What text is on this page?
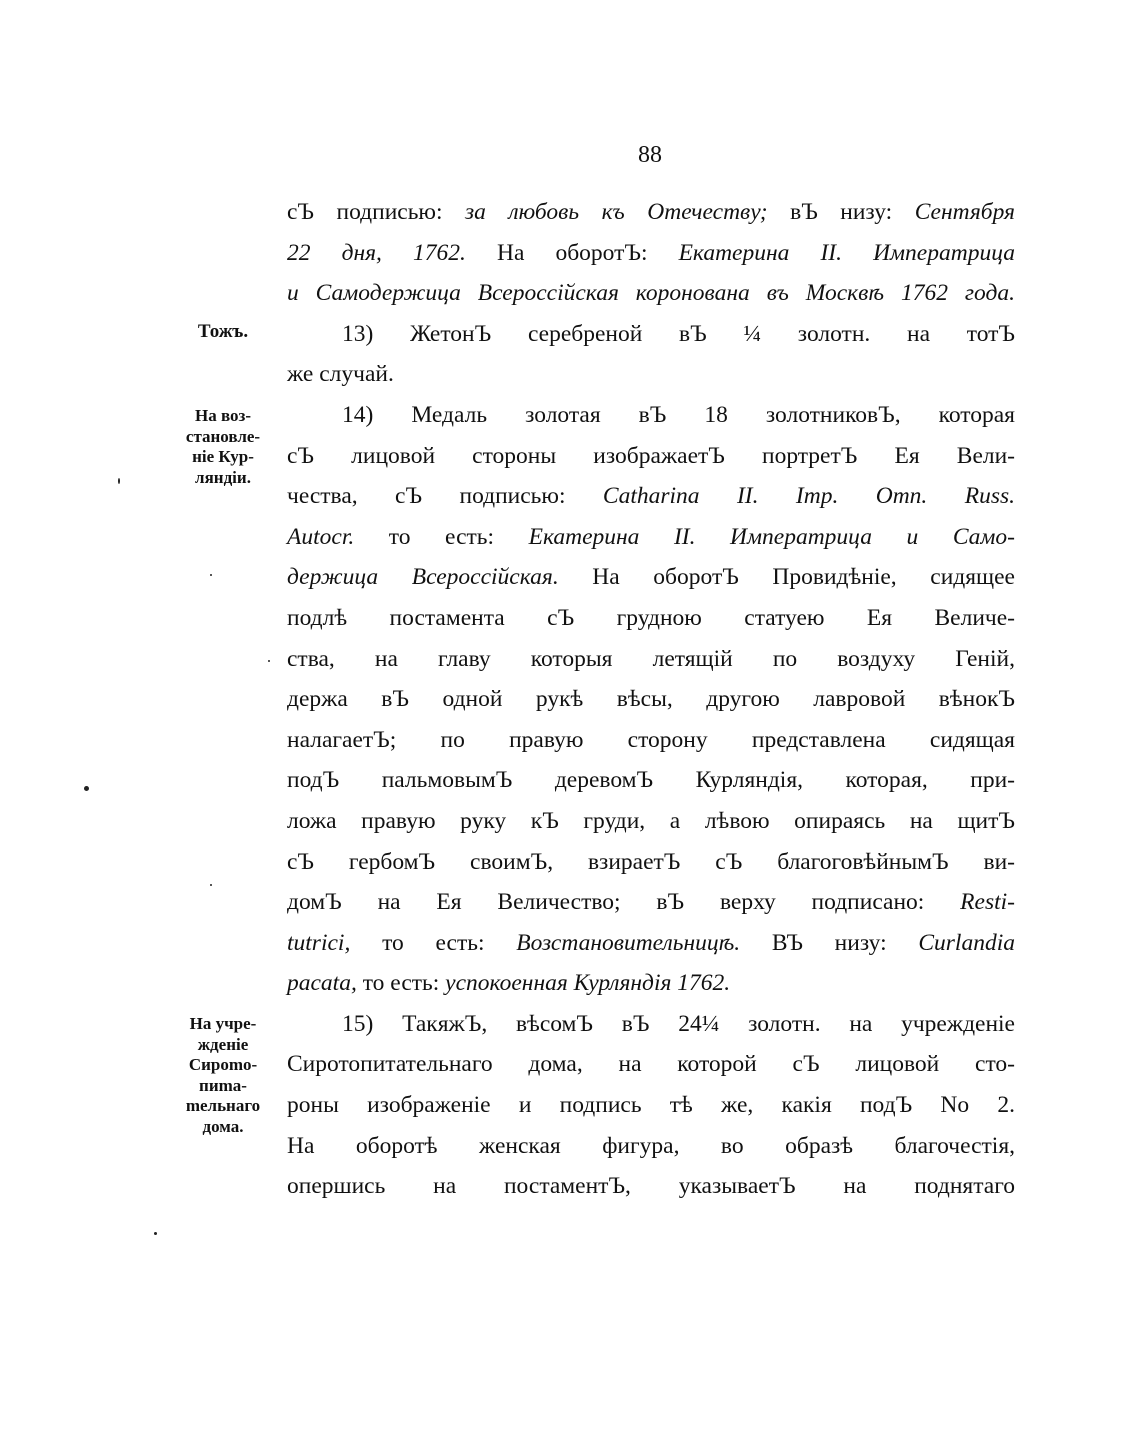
88
Тожъ.
На воз-
становле-
нie Кур-
ляндiи.
На учре-
жденiе
Сироmо-
пиmа-
mельнаго
дома.
сЪ подписью: за любовь къ Отечеству; вЪ низу: Сентября
22 дня, 1762. На оборотЪ: Екатерина II. Императрица
и Самодержица Всероссiйская коронована въ Москвѣ 1762 года.
13) ЖетонЪ серебреной вЪ ¼ золотн. на тотЪ
же случай.
14) Медаль золотая вЪ 18 золотниковЪ, которая
сЪ лицовой стороны изображаетЪ портретЪ Ея Вели-
чества, сЪ подписью: Catharina II. Imp. Omn. Russ.
Autocr. то есть: Екатерина II. Императрица и Само-
держица Всероссiйская. На оборотЪ Провидѣнiе, сидящее
подлѣ постамента сЪ грудною статуею Ея Величе-
ства, на главу которыя летящiй по воздуху Генiй,
держа вЪ одной рукѣ вѣсы, другою лавровой вѣнокЪ
налагаетЪ; по правую сторону представлена сидящая
подЪ пальмовымЪ деревомЪ Курляндiя, которая, при-
ложа правую руку кЪ груди, а лѣвою опираясь на щитЪ
сЪ гербомЪ своимЪ, взираетЪ сЪ благоговѣйнымЪ ви-
домЪ на Ея Величество; вЪ верху подписано: Resti-
tutrici, то есть: Возстановительницѣ. ВЪ низу: Curlandia
pacata, то есть: успокоенная Курляндiя 1762.
15) ТакяжЪ, вѣсомЪ вЪ 24¼ золотн. на учрежденiе
Сиротопитательнаго дома, на которой сЪ лицовой сто-
роны изображенiе и подпись тѣ же, какiя подЪ No 2.
На оборотѣ женская фигура, во образѣ благочестiя,
опершись на постаментЪ, указываетЪ на поднятаго
